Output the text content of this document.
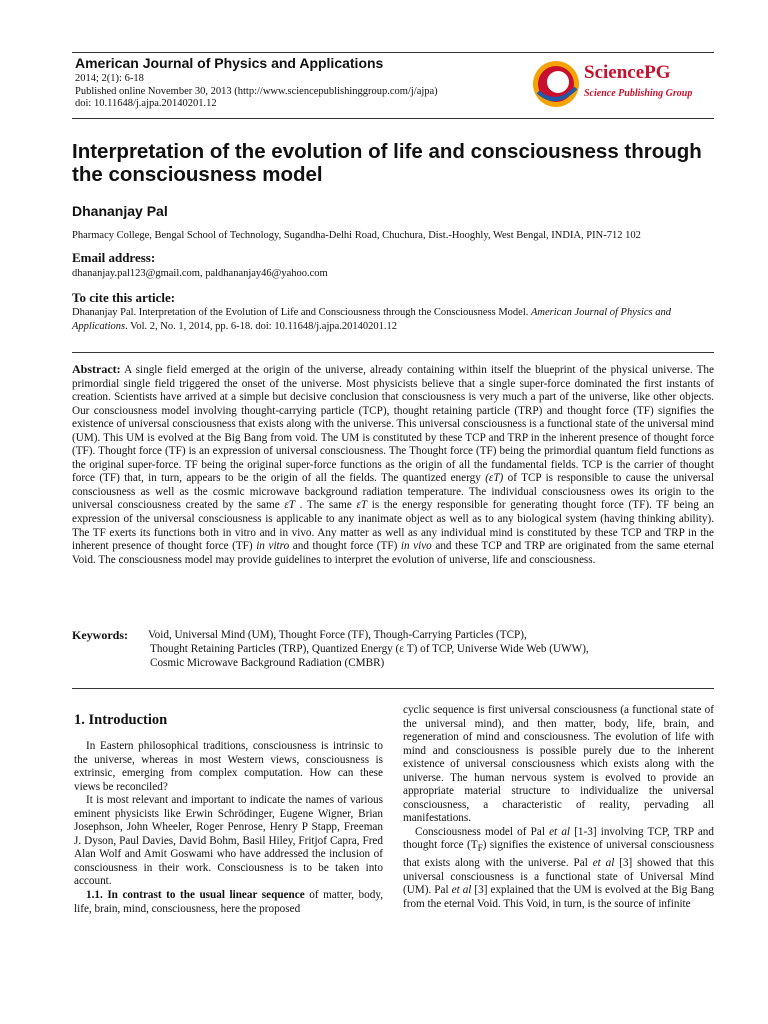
American Journal of Physics and Applications
2014; 2(1): 6-18
Published online November 30, 2013 (http://www.sciencepublishinggroup.com/j/ajpa)
doi: 10.11648/j.ajpa.20140201.12
SciencePG
Science Publishing Group
Interpretation of the evolution of life and consciousness through the consciousness model
Dhananjay Pal
Pharmacy College, Bengal School of Technology, Sugandha-Delhi Road, Chuchura, Dist.-Hooghly, West Bengal, INDIA, PIN-712 102
Email address:
dhananjay.pal123@gmail.com, paldhananjay46@yahoo.com
To cite this article:
Dhananjay Pal. Interpretation of the Evolution of Life and Consciousness through the Consciousness Model. American Journal of Physics and Applications. Vol. 2, No. 1, 2014, pp. 6-18. doi: 10.11648/j.ajpa.20140201.12
Abstract: A single field emerged at the origin of the universe, already containing within itself the blueprint of the physical universe. The primordial single field triggered the onset of the universe. Most physicists believe that a single super-force dominated the first instants of creation. Scientists have arrived at a simple but decisive conclusion that consciousness is very much a part of the universe, like other objects. Our consciousness model involving thought-carrying particle (TCP), thought retaining particle (TRP) and thought force (TF) signifies the existence of universal consciousness that exists along with the universe. This universal consciousness is a functional state of the universal mind (UM). This UM is evolved at the Big Bang from void. The UM is constituted by these TCP and TRP in the inherent presence of thought force (TF). Thought force (TF) is an expression of universal consciousness. The Thought force (TF) being the primordial quantum field functions as the original super-force. TF being the original super-force functions as the origin of all the fundamental fields. TCP is the carrier of thought force (TF) that, in turn, appears to be the origin of all the fields. The quantized energy (εT) of TCP is responsible to cause the universal consciousness as well as the cosmic microwave background radiation temperature. The individual consciousness owes its origin to the universal consciousness created by the same εT . The same εT is the energy responsible for generating thought force (TF). TF being an expression of the universal consciousness is applicable to any inanimate object as well as to any biological system (having thinking ability). The TF exerts its functions both in vitro and in vivo. Any matter as well as any individual mind is constituted by these TCP and TRP in the inherent presence of thought force (TF) in vitro and thought force (TF) in vivo and these TCP and TRP are originated from the same eternal Void. The consciousness model may provide guidelines to interpret the evolution of universe, life and consciousness.
Keywords: Void, Universal Mind (UM), Thought Force (TF), Though-Carrying Particles (TCP),
Thought Retaining Particles (TRP), Quantized Energy (ε T) of TCP, Universe Wide Web (UWW),
Cosmic Microwave Background Radiation (CMBR)
1. Introduction

In Eastern philosophical traditions, consciousness is intrinsic to the universe, whereas in most Western views, consciousness is extrinsic, emerging from complex computation. How can these views be reconciled?

It is most relevant and important to indicate the names of various eminent physicists like Erwin Schrödinger, Eugene Wigner, Brian Josephson, John Wheeler, Roger Penrose, Henry P Stapp, Freeman J. Dyson, Paul Davies, David Bohm, Basil Hiley, Fritjof Capra, Fred Alan Wolf and Amit Goswami who have addressed the inclusion of consciousness in their work. Consciousness is to be taken into account.

1.1. In contrast to the usual linear sequence of matter, body, life, brain, mind, consciousness, here the proposed

cyclic sequence is first universal consciousness (a functional state of the universal mind), and then matter, body, life, brain, and regeneration of mind and consciousness. The evolution of life with mind and consciousness is possible purely due to the inherent existence of universal consciousness which exists along with the universe. The human nervous system is evolved to provide an appropriate material structure to individualize the universal consciousness, a characteristic of reality, pervading all manifestations.

Consciousness model of Pal et al [1-3] involving TCP, TRP and thought force $(T_F)$ signifies the existence of universal consciousness that exists along with the universe. Pal et al [3] showed that this universal consciousness is a functional state of Universal Mind (UM). Pal et al [3] explained that the UM is evolved at the Big Bang from the eternal Void. This Void, in turn, is the source of infinite
